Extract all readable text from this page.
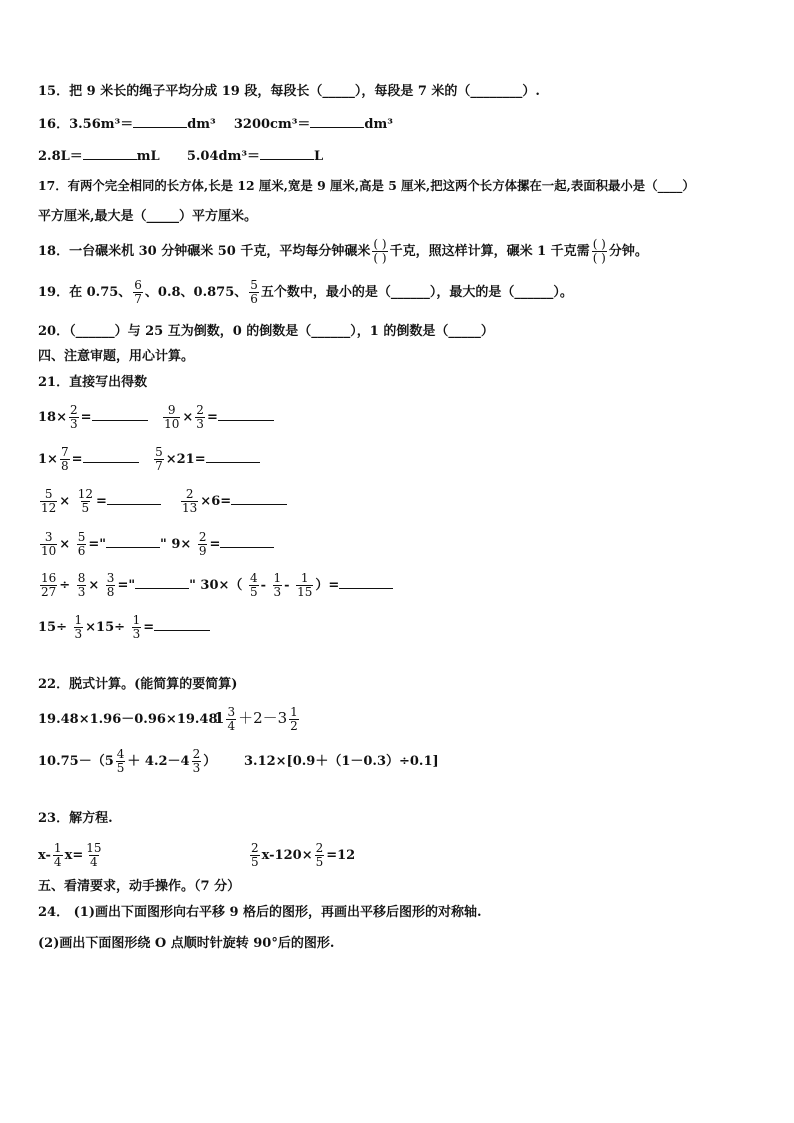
15．把 9 米长的绳子平均分成 19 段，每段长（_____），每段是 7 米的（________）.
16．3.56m³＝	dm³ 3200cm³＝	dm³
2.8L＝	mL 5.04dm³＝	L
17．有两个完全相同的长方体,长是 12 厘米,宽是 9 厘米,高是 5 厘米,把这两个长方体摞在一起,表面积最小是（____）
平方厘米,最大是（_____）平方厘米。
18．一台碾米机 30 分钟碾米 50 千克，平均每分钟碾米 ( )
( ) 千克，照这样计算，碾米 1 千克需 ( )
( ) 分钟。
19．在 0.75、 $\frac{6}{7}$ 、0.8、0.875、 $\frac{5}{6}$ 五个数中，最小的是（______），最大的是（______）。
20．（______）与 25 互为倒数，0 的倒数是（______），1 的倒数是（_____）
四、注意审题，用心计算。
21．直接写出得数
$18\times \frac{2}{3}$ =	$\frac{9}{10} \times \frac{2}{3}$ =
$1\times \frac{7}{8}$ =	$\frac{5}{7} \times 21=$
$\frac{5}{12} \times \frac{12}{5}$ =	$\frac{2}{13} \times 6=$
$\frac{3}{10} \times \frac{5}{6}$ ="	" $9\times \frac{2}{9}$ =
$\frac{16}{27} \div \frac{8}{3} \times \frac{3}{8}$ ="	" $30\times( \frac{4}{5} - \frac{1}{3} - \frac{1}{15}$ ）=
$15\div \frac{1}{3} \times 15\div \frac{1}{3}$ =
22．脱式计算。(能简算的要简算)
19.48×1.96－0.96×19.48
$1 \frac{3}{4} +2-3 \frac{1}{2}$
$10.75-(5 \frac{4}{5} + 4.2-4 \frac{2}{3}$ ） 3.12×[0.9＋（1－0.3）÷0.1]
23．解方程.
$x- \frac{1}{4} x= \frac{15}{4}$	$\frac{2}{5} x-120\times \frac{2}{5} =12$
五、看清要求，动手操作。（7 分）
24． (1)画出下面图形向右平移 9 格后的图形，再画出平移后图形的对称轴.
(2)画出下面图形绕 O 点顺时针旋转 90°后的图形.
